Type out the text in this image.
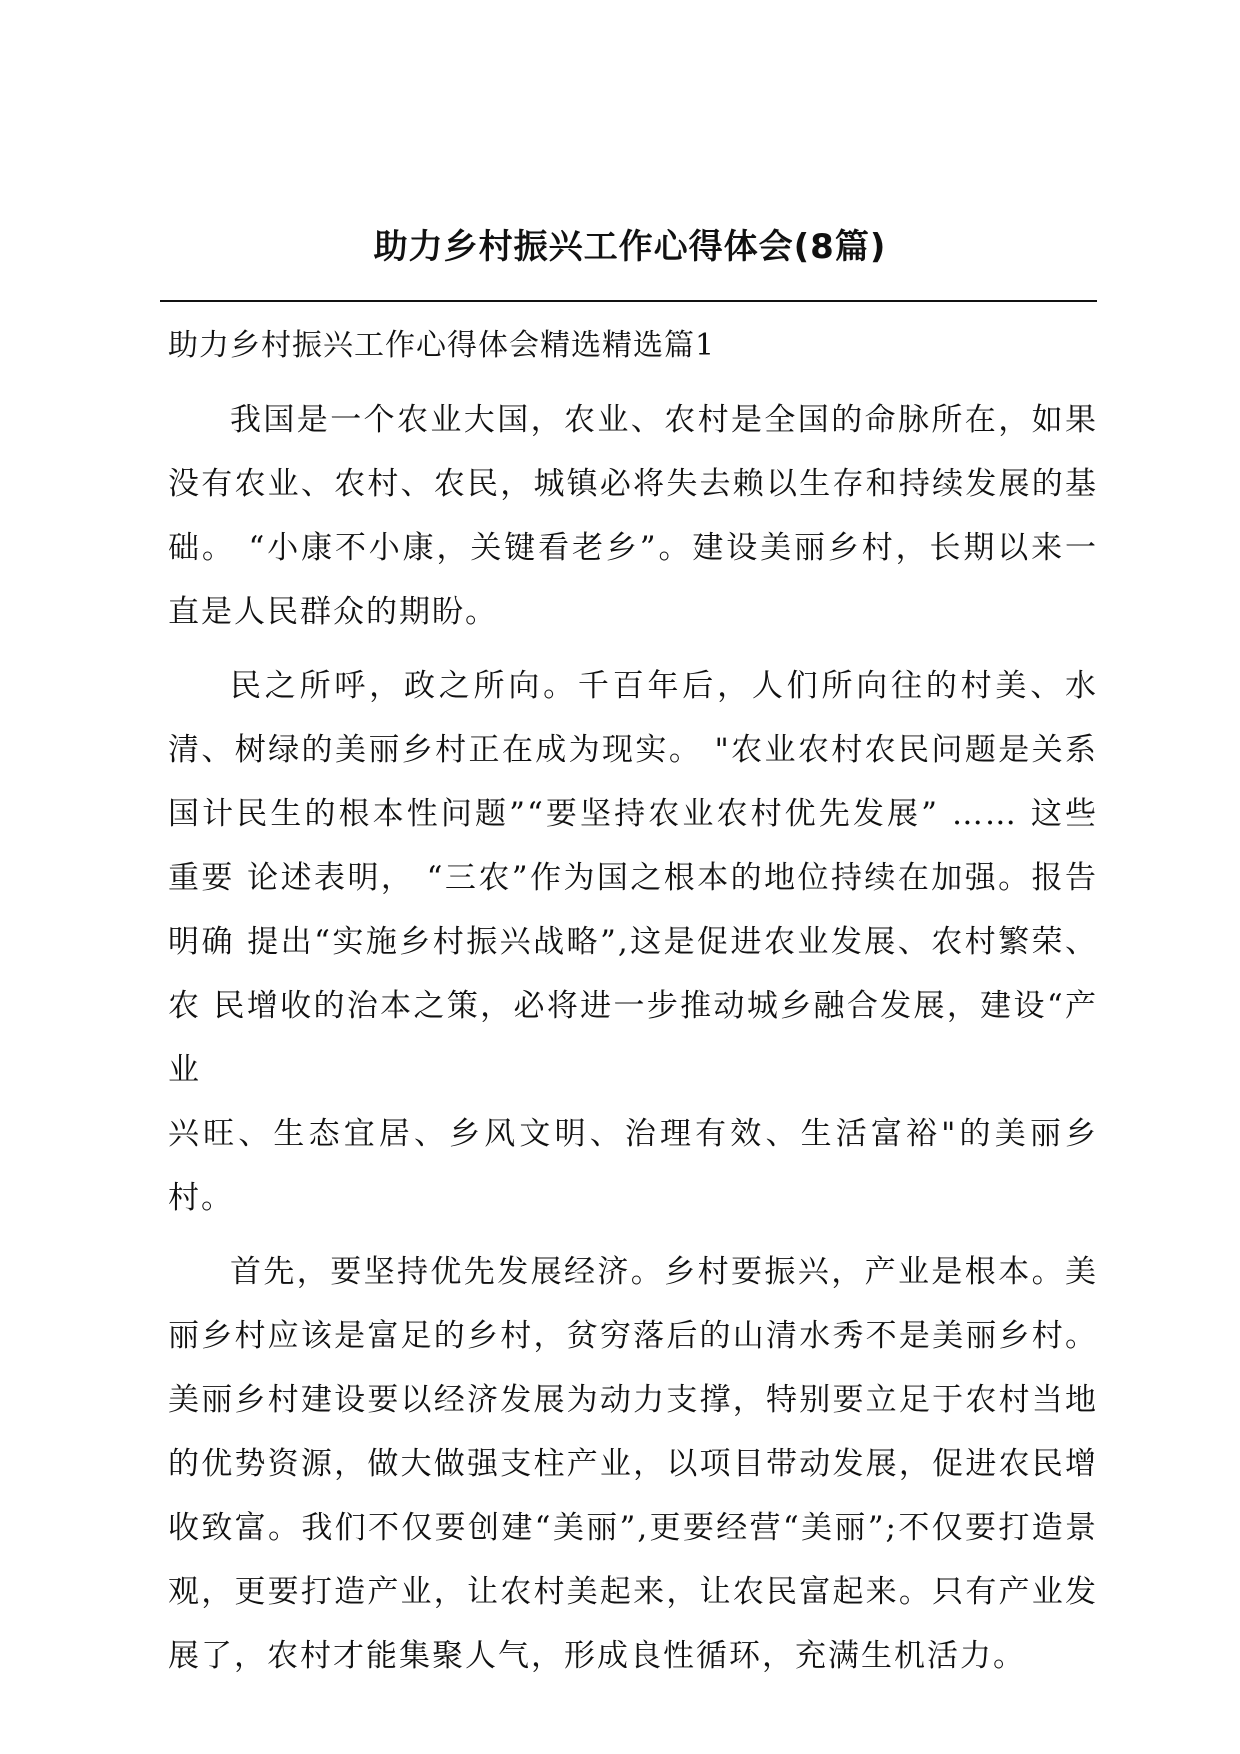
助力乡村振兴工作心得体会(8篇)

助力乡村振兴工作心得体会精选精选篇1

我国是一个农业大国，农业、农村是全国的命脉所在，如果没有农业、农村、农民，城镇必将失去赖以生存和持续发展的基础。 “小康不小康，关键看老乡”。建设美丽乡村，长期以来一直是人民群众的期盼。

民之所呼，政之所向。千百年后，人们所向往的村美、水清、树绿的美丽乡村正在成为现实。 "农业农村农民问题是关系国计民生的根本性问题”“要坚持农业农村优先发展” …… 这些重要 论述表明， “三农”作为国之根本的地位持续在加强。报告明确 提出“实施乡村振兴战略”,这是促进农业发展、农村繁荣、农 民增收的治本之策，必将进一步推动城乡融合发展，建设“产业
兴旺、生态宜居、乡风文明、治理有效、生活富裕"的美丽乡村。

首先，要坚持优先发展经济。乡村要振兴，产业是根本。美丽乡村应该是富足的乡村，贫穷落后的山清水秀不是美丽乡村。美丽乡村建设要以经济发展为动力支撑，特别要立足于农村当地的优势资源，做大做强支柱产业，以项目带动发展，促进农民增收致富。我们不仅要创建“美丽”,更要经营“美丽”;不仅要打造景观，更要打造产业，让农村美起来，让农民富起来。只有产业发展了，农村才能集聚人气，形成良性循环，充满生机活力。
